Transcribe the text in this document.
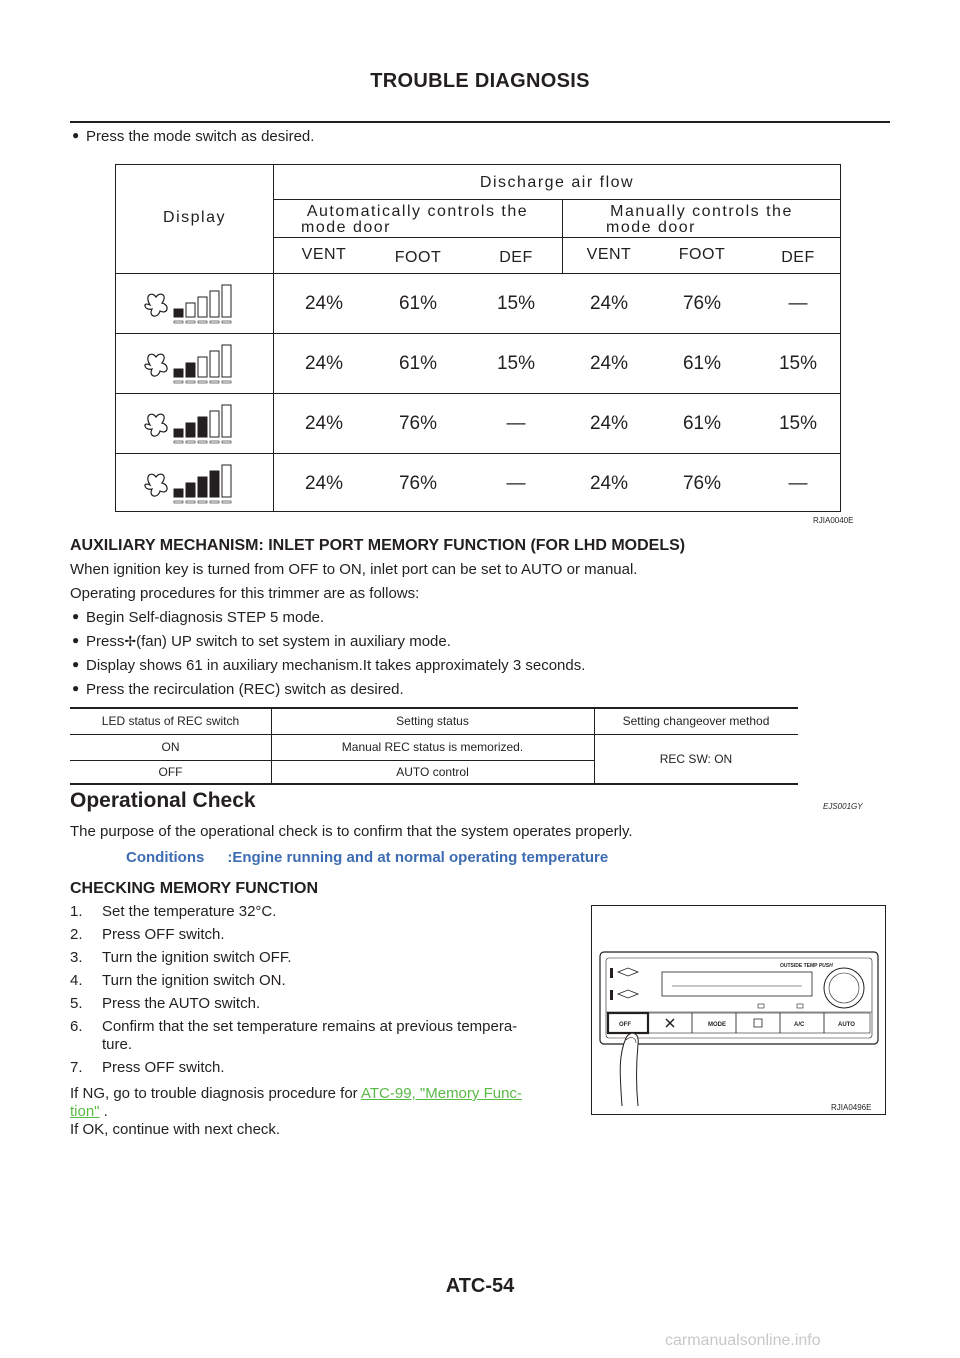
TROUBLE DIAGNOSIS
● Press the mode switch as desired.
Display
Discharge air flow
Automatically controls the
mode door
Manually controls the
mode door
VENT	FOOT	DEF	VENT	FOOT	DEF
24%	61%	15%	24%	76%	—
24%	61%	15%	24%	61%	15%
24%	76%	—	24%	61%	15%
24%	76%	—	24%	76%	—
RJIA0040E
AUXILIARY MECHANISM: INLET PORT MEMORY FUNCTION (FOR LHD MODELS)
When ignition key is turned from OFF to ON, inlet port can be set to AUTO or manual.
Operating procedures for this trimmer are as follows:
● Begin Self-diagnosis STEP 5 mode.
● Press✢(fan) UP switch to set system in auxiliary mode.
● Display shows 61 in auxiliary mechanism.It takes approximately 3 seconds.
● Press the recirculation (REC) switch as desired.
LED status of REC switch	Setting status	Setting changeover method
ON	Manual REC status is memorized.
OFF	AUTO control
REC SW: ON
Operational Check	EJS001GY
The purpose of the operational check is to confirm that the system operates properly.
Conditions :Engine running and at normal operating temperature
CHECKING MEMORY FUNCTION
1. Set the temperature 32°C.
2. Press OFF switch.
3. Turn the ignition switch OFF.
4. Turn the ignition switch ON.
5. Press the AUTO switch.
6. Confirm that the set temperature remains at previous tempera-
ture.
7. Press OFF switch.
If NG, go to trouble diagnosis procedure for ATC-99, "Memory Func-
tion" .
If OK, continue with next check.
OUTSIDE TEMP PUSH
OFF	MODE	A/C	AUTO
RJIA0496E
ATC-54
carmanualsonline.info
